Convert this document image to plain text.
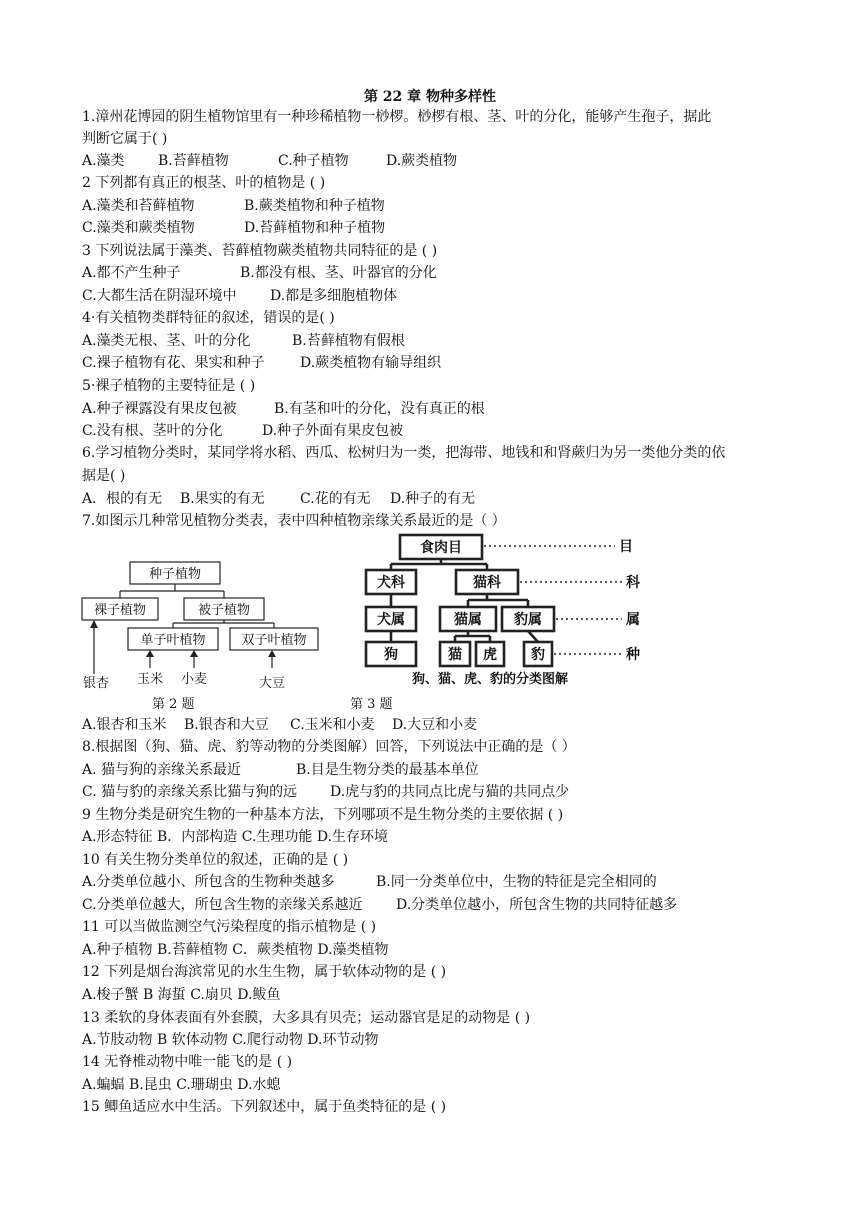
第 22 章 物种多样性
1.漳州花博园的阴生植物馆里有一种珍稀植物一桫椤。桫椤有根、茎、叶的分化，能够产生孢子，据此
判断它属于( )
A.藻类 B.苔藓植物	C.种子植物	D.蕨类植物
2 下列都有真正的根茎、叶的植物是 ( )
A.藻类和苔藓植物	B.蕨类植物和种子植物
C.藻类和蕨类植物	D.苔藓植物和种子植物
3 下列说法属于藻类、苔藓植物蕨类植物共同特征的是 ( )
A.都不产生种子	B.都没有根、茎、叶器官的分化
C.大都生活在阴湿环境中 D.都是多细胞植物体
4·有关植物类群特征的叙述，错误的是( )
A.藻类无根、茎、叶的分化	B.苔藓植物有假根
C.裸子植物有花、果实和种子	D.蕨类植物有输导组织
5·裸子植物的主要特征是 ( )
A.种子裸露没有果皮包被	B.有茎和叶的分化，没有真正的根
C.没有根、茎叶的分化	D.种子外面有果皮包被
6.学习植物分类时，某同学将水稻、西瓜、松树归为一类，把海带、地钱和和肾蕨归为另一类他分类的依
据是( )
A．根的有无 B.果实的有无	C.花的有无 D.种子的有无
7.如图示几种常见植物分类表，表中四种植物亲缘关系最近的是（ ）
种子植物
裸子植物	被子植物
单子叶植物	双子叶植物
银杏 玉米 小麦	大豆
第 2 题
食肉目
犬科	猫科
犬属	猫属 豹属
狗	猫 虎 豹
目
科
属
种
狗、猫、虎、豹的分类图解
第 3 题
A.银杏和玉米 B.银杏和大豆 C.玉米和小麦 D.大豆和小麦
8.根据图（狗、猫、虎、豹等动物的分类图解）回答，下列说法中正确的是（ ）
A. 猫与狗的亲缘关系最近	B.目是生物分类的最基本单位
C. 猫与豹的亲缘关系比猫与狗的远 D.虎与豹的共同点比虎与猫的共同点少
9 生物分类是研究生物的一种基本方法，下列哪项不是生物分类的主要依据 ( )
A.形态特征 B．内部构造 C.生理功能 D.生存环境
10 有关生物分类单位的叙述，正确的是 ( )
A.分类单位越小、所包含的生物种类越多	B.同一分类单位中，生物的特征是完全相同的
C.分类单位越大，所包含生物的亲缘关系越近 D.分类单位越小，所包含生物的共同特征越多
11 可以当做监测空气污染程度的指示植物是 ( )
A.种子植物 B.苔藓植物 C．蕨类植物 D.藻类植物
12 下列是烟台海滨常见的水生生物，属于软体动物的是 ( )
A.梭子蟹 B 海蜇 C.扇贝 D.鲅鱼
13 柔软的身体表面有外套膜，大多具有贝壳；运动器官是足的动物是 ( )
A.节肢动物 B 软体动物 C.爬行动物 D.环节动物
14 无脊椎动物中唯一能飞的是 ( )
A.蝙蝠 B.昆虫 C.珊瑚虫 D.水螅
15 鲫鱼适应水中生活。下列叙述中，属于鱼类特征的是 ( )
